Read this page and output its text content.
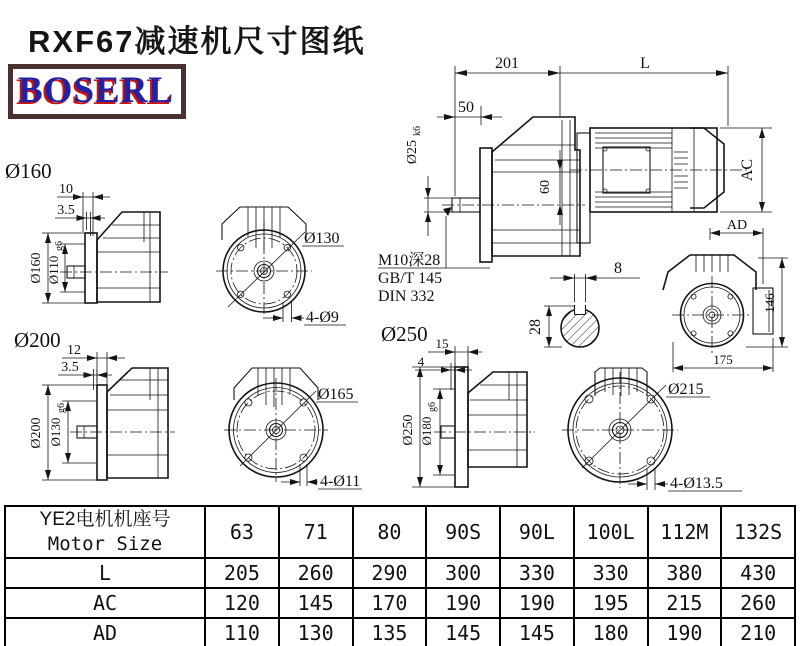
RXF67减速机尺寸图纸
BOSERL
201	L
50
Ø25
k6
60
AC
M10深28
GB/T 145
DIN 332
8
28
AD
146
175
Ø160
10
3.5
Ø160 Ø110
g6	Ø130
4-Ø9
Ø200 12
3.5
Ø200 Ø130
g6
Ø165
4-Ø11
Ø250 15
4
Ø250 Ø180
g6
Ø215
4-Ø13.5
YE2电机机座号
Motor Size	63	71	80	90S	90L	100L	112M	132S
L	205	260	290	300	330	330	380	430
AC	120	145	170	190	190	195	215	260
AD	110	130	135	145	145	180	190	210
